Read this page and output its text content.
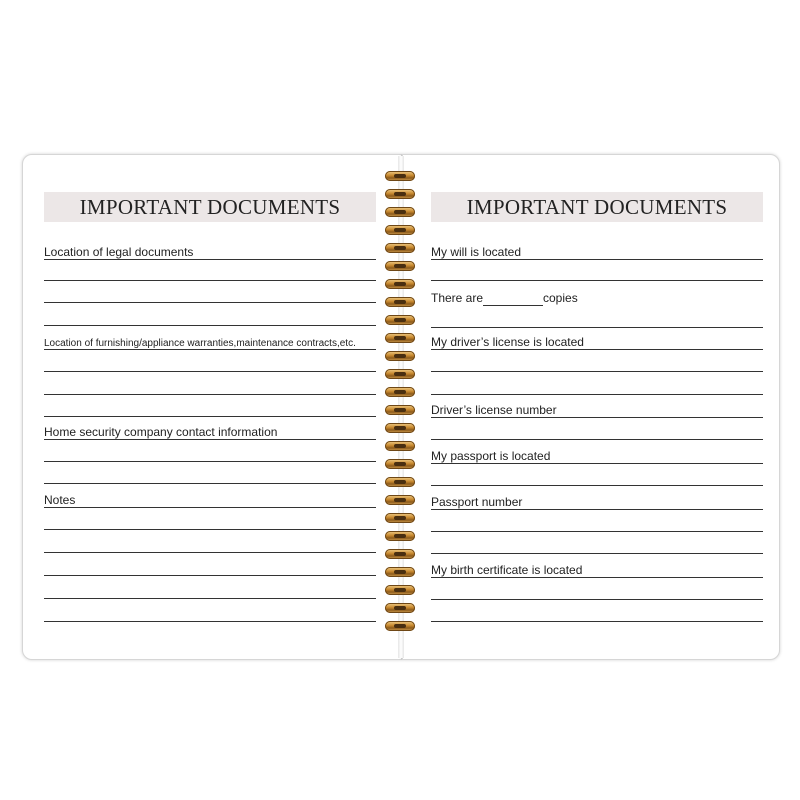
IMPORTANT DOCUMENTS
Location of legal documents
Location of furnishing/appliance warranties,maintenance contracts,etc.
Home security company contact information
Notes
IMPORTANT DOCUMENTS
My will is located
There are	copies
My driver’s license is located
Driver’s license number
My passport is located
Passport number
My birth certificate is located
